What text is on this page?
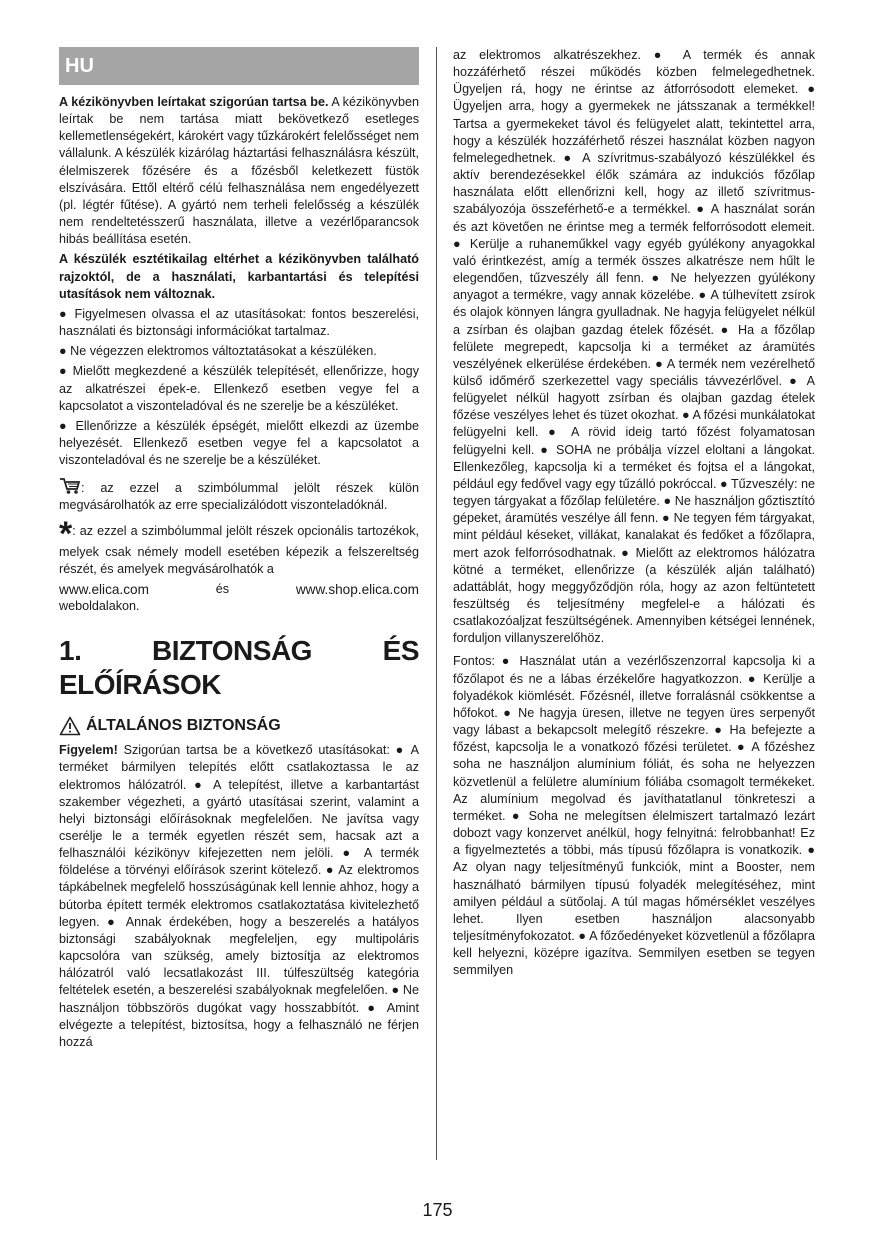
HU

A kézikönyvben leírtakat szigorúan tartsa be. A kézikönyvben leírtak be nem tartása miatt bekövetkező esetleges kellemetlenségekért, károkért vagy tűzkárokért felelősséget nem vállalunk. A készülék kizárólag háztartási felhasználásra készült, élelmiszerek főzésére és a főzésből keletkezett füstök elszívására. Ettől eltérő célú felhasználása nem engedélyezett (pl. légtér fűtése). A gyártó nem terheli felelősség a készülék nem rendeltetésszerű használata, illetve a vezérlőparancsok hibás beállítása esetén.

A készülék esztétikailag eltérhet a kézikönyvben található rajzoktól, de a használati, karbantartási és telepítési utasítások nem változnak.

● Figyelmesen olvassa el az utasításokat: fontos beszerelési, használati és biztonsági információkat tartalmaz.

● Ne végezzen elektromos változtatásokat a készüléken.

● Mielőtt megkezdené a készülék telepítését, ellenőrizze, hogy az alkatrészei épek-e. Ellenkező esetben vegye fel a kapcsolatot a viszonteladóval és ne szerelje be a készüléket.

● Ellenőrizze a készülék épségét, mielőtt elkezdi az üzembe helyezését. Ellenkező esetben vegye fel a kapcsolatot a viszonteladóval és ne szerelje be a készüléket.

: az ezzel a szimbólummal jelölt részek külön megvásárolhatók az erre specializálódott viszonteladóknál.

*: az ezzel a szimbólummal jelölt részek opcionális tartozékok, melyek csak némely modell esetében képezik a felszereltség részét, és amelyek megvásárolhatók a

www.elica.com	és	www.shop.elica.com

weboldalakon.

1. BIZTONSÁG ÉS ELŐÍRÁSOK
ÁLTALÁNOS BIZTONSÁG

Figyelem! Szigorúan tartsa be a következő utasításokat: ● A terméket bármilyen telepítés előtt csatlakoztassa le az elektromos hálózatról. ● A telepítést, illetve a karbantartást szakember végezheti, a gyártó utasításai szerint, valamint a helyi biztonsági előírásoknak megfelelően. Ne javítsa vagy cserélje le a termék egyetlen részét sem, hacsak azt a felhasználói kézikönyv kifejezetten nem jelöli. ● A termék földelése a törvényi előírások szerint kötelező. ● Az elektromos tápkábelnek megfelelő hosszúságúnak kell lennie ahhoz, hogy a bútorba épített termék elektromos csatlakoztatása kivitelezhető legyen. ● Annak érdekében, hogy a beszerelés a hatályos biztonsági szabályoknak megfeleljen, egy multipoláris kapcsolóra van szükség, amely biztosítja az elektromos hálózatról való lecsatlakozást III. túlfeszültség kategória feltételek esetén, a beszerelési szabályoknak megfelelően. ● Ne használjon többszörös dugókat vagy hosszabbítót. ● Amint elvégezte a telepítést, biztosítsa, hogy a felhasználó ne férjen hozzá

az elektromos alkatrészekhez. ● A termék és annak hozzáférhető részei működés közben felmelegedhetnek. Ügyeljen rá, hogy ne érintse az átforrósodott elemeket. ● Ügyeljen arra, hogy a gyermekek ne játsszanak a termékkel! Tartsa a gyermekeket távol és felügyelet alatt, tekintettel arra, hogy a készülék hozzáférhető részei használat közben nagyon felmelegedhetnek. ● A szívritmus-szabályozó készülékkel és aktív berendezésekkel élők számára az indukciós főzőlap használata előtt ellenőrizni kell, hogy az illető szívritmus-szabályozója összeférhető-e a termékkel. ● A használat során és azt követően ne érintse meg a termék felforrósodott elemeit. ● Kerülje a ruhaneműkkel vagy egyéb gyúlékony anyagokkal való érintkezést, amíg a termék összes alkatrésze nem hűlt le elegendően, tűzveszély áll fenn. ● Ne helyezzen gyúlékony anyagot a termékre, vagy annak közelébe. ● A túlhevített zsírok és olajok könnyen lángra gyulladnak. Ne hagyja felügyelet nélkül a zsírban és olajban gazdag ételek főzését. ● Ha a főzőlap felülete megrepedt, kapcsolja ki a terméket az áramütés veszélyének elkerülése érdekében. ● A termék nem vezérelhető külső időmérő szerkezettel vagy speciális távvezérlővel. ● A felügyelet nélkül hagyott zsírban és olajban gazdag ételek főzése veszélyes lehet és tüzet okozhat. ● A főzési munkálatokat felügyelni kell. ● A rövid ideig tartó főzést folyamatosan felügyelni kell. ● SOHA ne próbálja vízzel eloltani a lángokat. Ellenkezőleg, kapcsolja ki a terméket és fojtsa el a lángokat, például egy fedővel vagy egy tűzálló pokróccal. ● Tűzveszély: ne tegyen tárgyakat a főzőlap felületére. ● Ne használjon gőztisztító gépeket, áramütés veszélye áll fenn. ● Ne tegyen fém tárgyakat, mint például késeket, villákat, kanalakat és fedőket a főzőlapra, mert azok felforrósodhatnak. ● Mielőtt az elektromos hálózatra kötné a terméket, ellenőrizze (a készülék alján található) adattáblát, hogy meggyőződjön róla, hogy az azon feltüntetett feszültség és teljesítmény megfelel-e a hálózati és csatlakozóaljzat feszültségének. Amennyiben kétségei lennének, forduljon villanyszerelőhöz.

Fontos: ● Használat után a vezérlőszenzorral kapcsolja ki a főzőlapot és ne a lábas érzékelőre hagyatkozzon. ● Kerülje a folyadékok kiömlését. Főzésnél, illetve forralásnál csökkentse a hőfokot. ● Ne hagyja üresen, illetve ne tegyen üres serpenyőt vagy lábast a bekapcsolt melegítő részekre. ● Ha befejezte a főzést, kapcsolja le a vonatkozó főzési területet. ● A főzéshez soha ne használjon alumínium fóliát, és soha ne helyezzen közvetlenül a felületre alumínium fóliába csomagolt termékeket. Az alumínium megolvad és javíthatatlanul tönkreteszi a terméket. ● Soha ne melegítsen élelmiszert tartalmazó lezárt dobozt vagy konzervet anélkül, hogy felnyitná: felrobbanhat! Ez a figyelmeztetés a többi, más típusú főzőlapra is vonatkozik. ● Az olyan nagy teljesítményű funkciók, mint a Booster, nem használható bármilyen típusú folyadék melegítéséhez, mint amilyen például a sütőolaj. A túl magas hőmérséklet veszélyes lehet. Ilyen esetben használjon alacsonyabb teljesítményfokozatot. ● A főzőedényeket közvetlenül a főzőlapra kell helyezni, középre igazítva. Semmilyen esetben se tegyen semmilyen

175
